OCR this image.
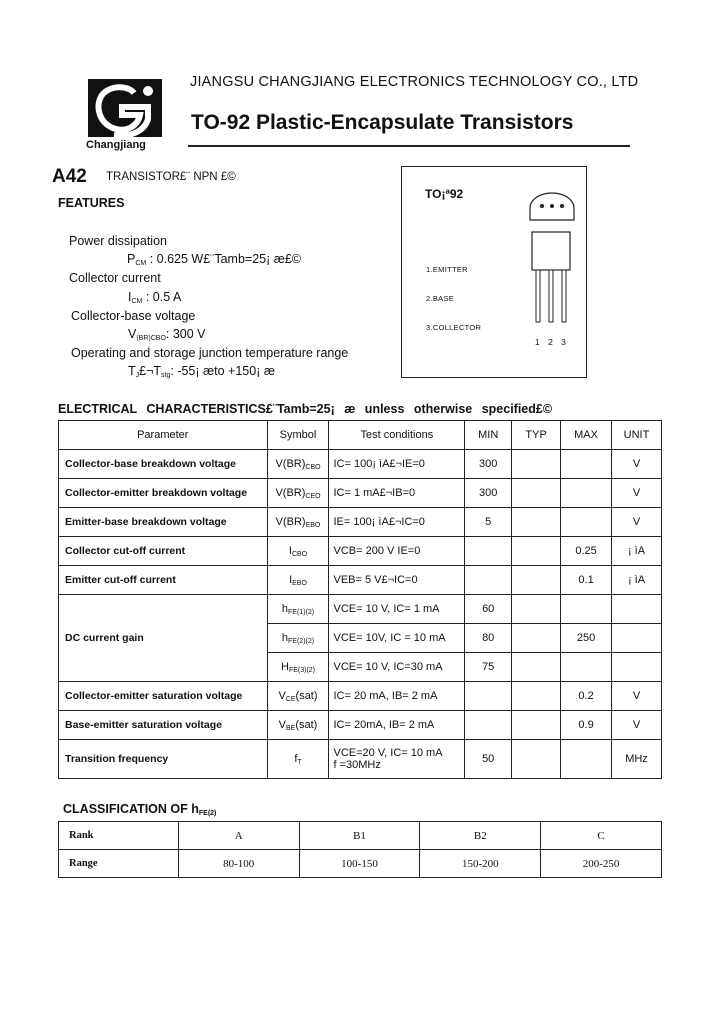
Changjiang
JIANGSU CHANGJIANG ELECTRONICS TECHNOLOGY CO., LTD
TO-92 Plastic-Encapsulate Transistors
A42 TRANSISTOR£¨ NPN £©
FEATURES
Power dissipation
$P_{CM}$ : 0.625 W£¨Tamb=25¡ æ£©
Collector current
$I_{CM}$ : 0.5 A
Collector-base voltage
$V_{(BR)CBO}$: 300 V
Operating and storage junction temperature range
$T_J£\neg T_{stg}$: -55¡ æto +150¡ æ
TO¡ª92
1.EMITTER
2.BASE
3.COLLECTOR
1 2 3
ELECTRICAL CHARACTERISTICS£¨Tamb=25¡ æ unless otherwise specified£©
Parameter	Symbol	Test conditions	MIN	TYP	MAX	UNIT
Collector-base breakdown voltage	$V(BR)_{CBO}$	IC= 100¡ ìA£¬IE=0	300			V
Collector-emitter breakdown voltage	$V(BR)_{CEO}$	IC= 1 mA£¬IB=0	300			V
Emitter-base breakdown voltage	$V(BR)_{EBO}$	IE= 100¡ ìA£¬IC=0	5			V
Collector cut-off current	$I_{CBO}$	VCB= 200 V IE=0			0.25	¡ ìA
Emitter cut-off current	$I_{EBO}$	VEB= 5 V£¬IC=0			0.1	¡ ìA
DC current gain	$h_{FE(1)(2)}$	VCE= 10 V, IC= 1 mA	60			
	$h_{FE(2)(2)}$	VCE= 10V, IC = 10 mA	80		250	
	$H_{FE(3)(2)}$	VCE= 10 V, IC=30 mA	75			
Collector-emitter saturation voltage	$V_{CE}(sat)$	IC= 20 mA, IB= 2 mA			0.2	V
Base-emitter saturation voltage	$V_{BE}(sat)$	IC= 20mA, IB= 2 mA			0.9	V
Transition frequency	$f_T$	VCE=20 V, IC= 10 mA
f =30MHz	50			MHz
CLASSIFICATION OF $h_{FE(2)}$
Rank	A	B1	B2	C
Range	80-100	100-150	150-200	200-250
